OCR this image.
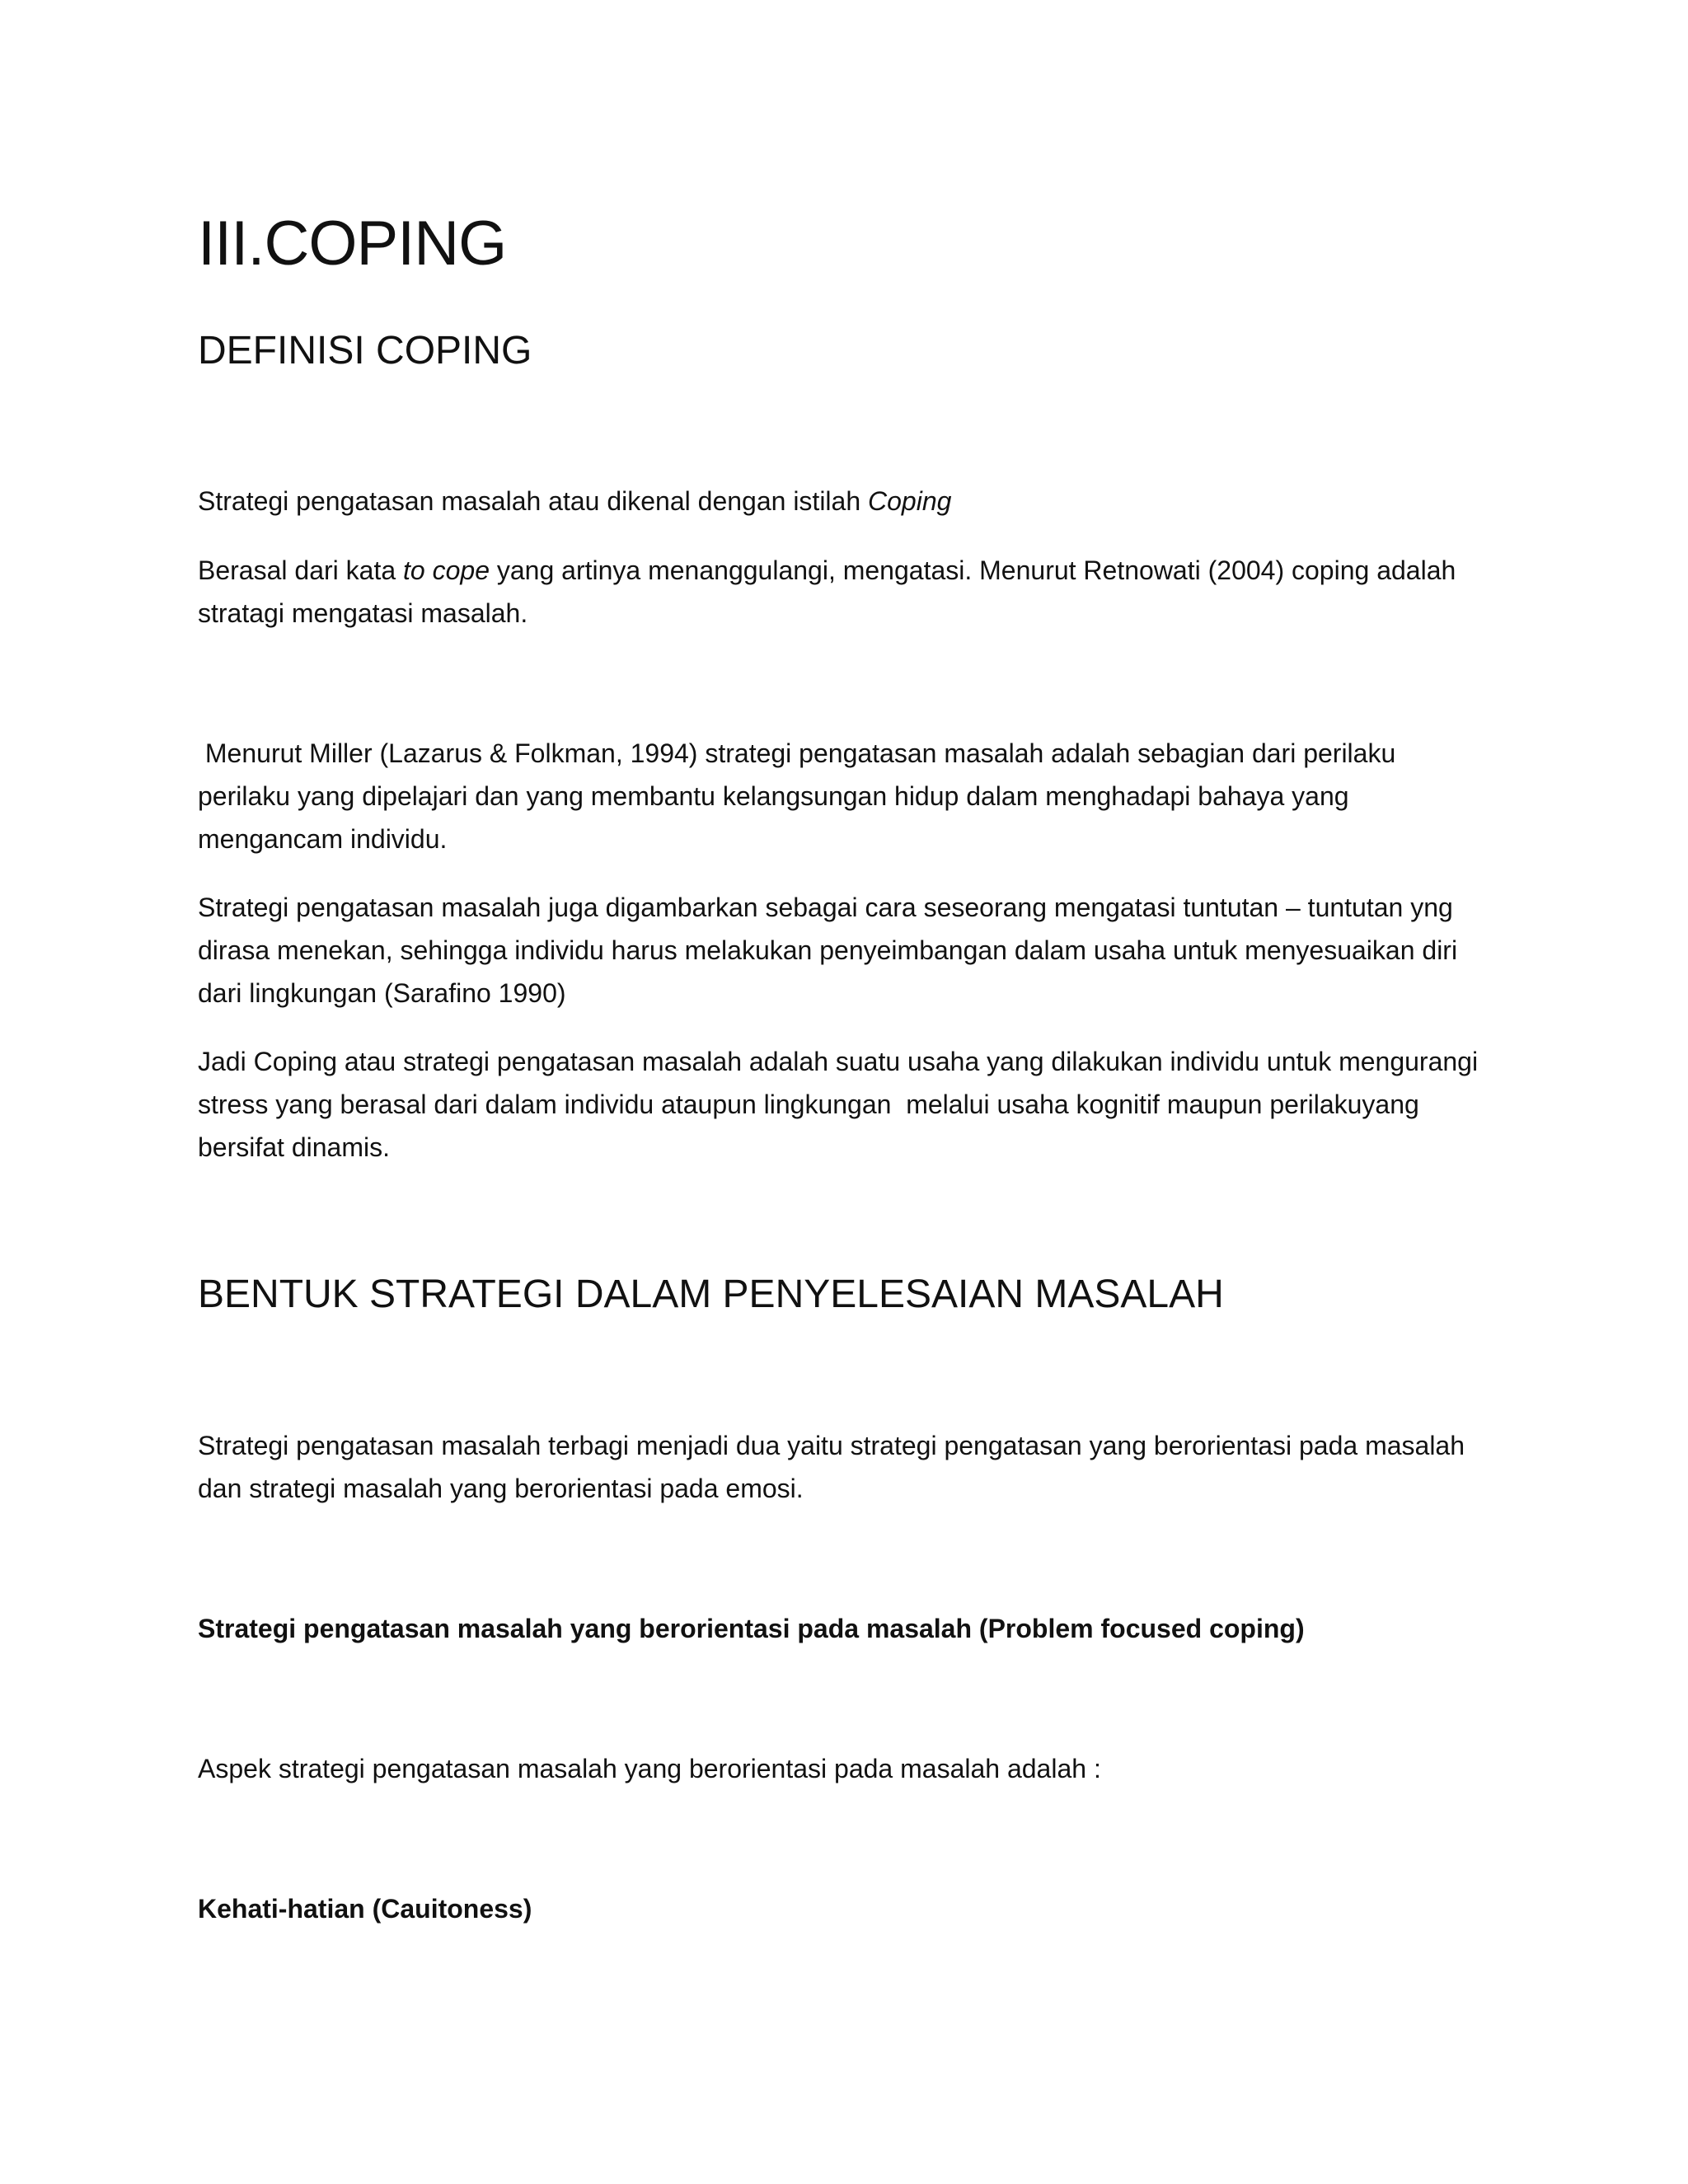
III.COPING
DEFINISI COPING

Strategi pengatasan masalah atau dikenal dengan istilah Coping

Berasal dari kata to cope yang artinya menanggulangi, mengatasi. Menurut Retnowati (2004) coping adalah  stratagi mengatasi masalah.

Menurut Miller (Lazarus & Folkman, 1994) strategi pengatasan masalah adalah sebagian dari perilaku perilaku yang dipelajari dan yang membantu kelangsungan hidup dalam menghadapi bahaya yang mengancam individu.

Strategi pengatasan masalah juga digambarkan sebagai cara seseorang mengatasi tuntutan – tuntutan yng dirasa menekan, sehingga individu harus melakukan penyeimbangan dalam usaha untuk menyesuaikan diri dari lingkungan (Sarafino 1990)

Jadi Coping atau strategi pengatasan masalah adalah suatu usaha yang dilakukan individu untuk mengurangi stress yang berasal dari dalam individu ataupun lingkungan  melalui usaha kognitif maupun perilakuyang bersifat dinamis.

BENTUK STRATEGI DALAM PENYELESAIAN MASALAH

Strategi pengatasan masalah terbagi menjadi dua yaitu strategi pengatasan yang berorientasi pada masalah dan strategi masalah yang berorientasi pada emosi.

Strategi pengatasan masalah yang berorientasi pada masalah (Problem focused coping)

Aspek strategi pengatasan masalah yang berorientasi pada masalah adalah :

Kehati-hatian (Cauitoness)
